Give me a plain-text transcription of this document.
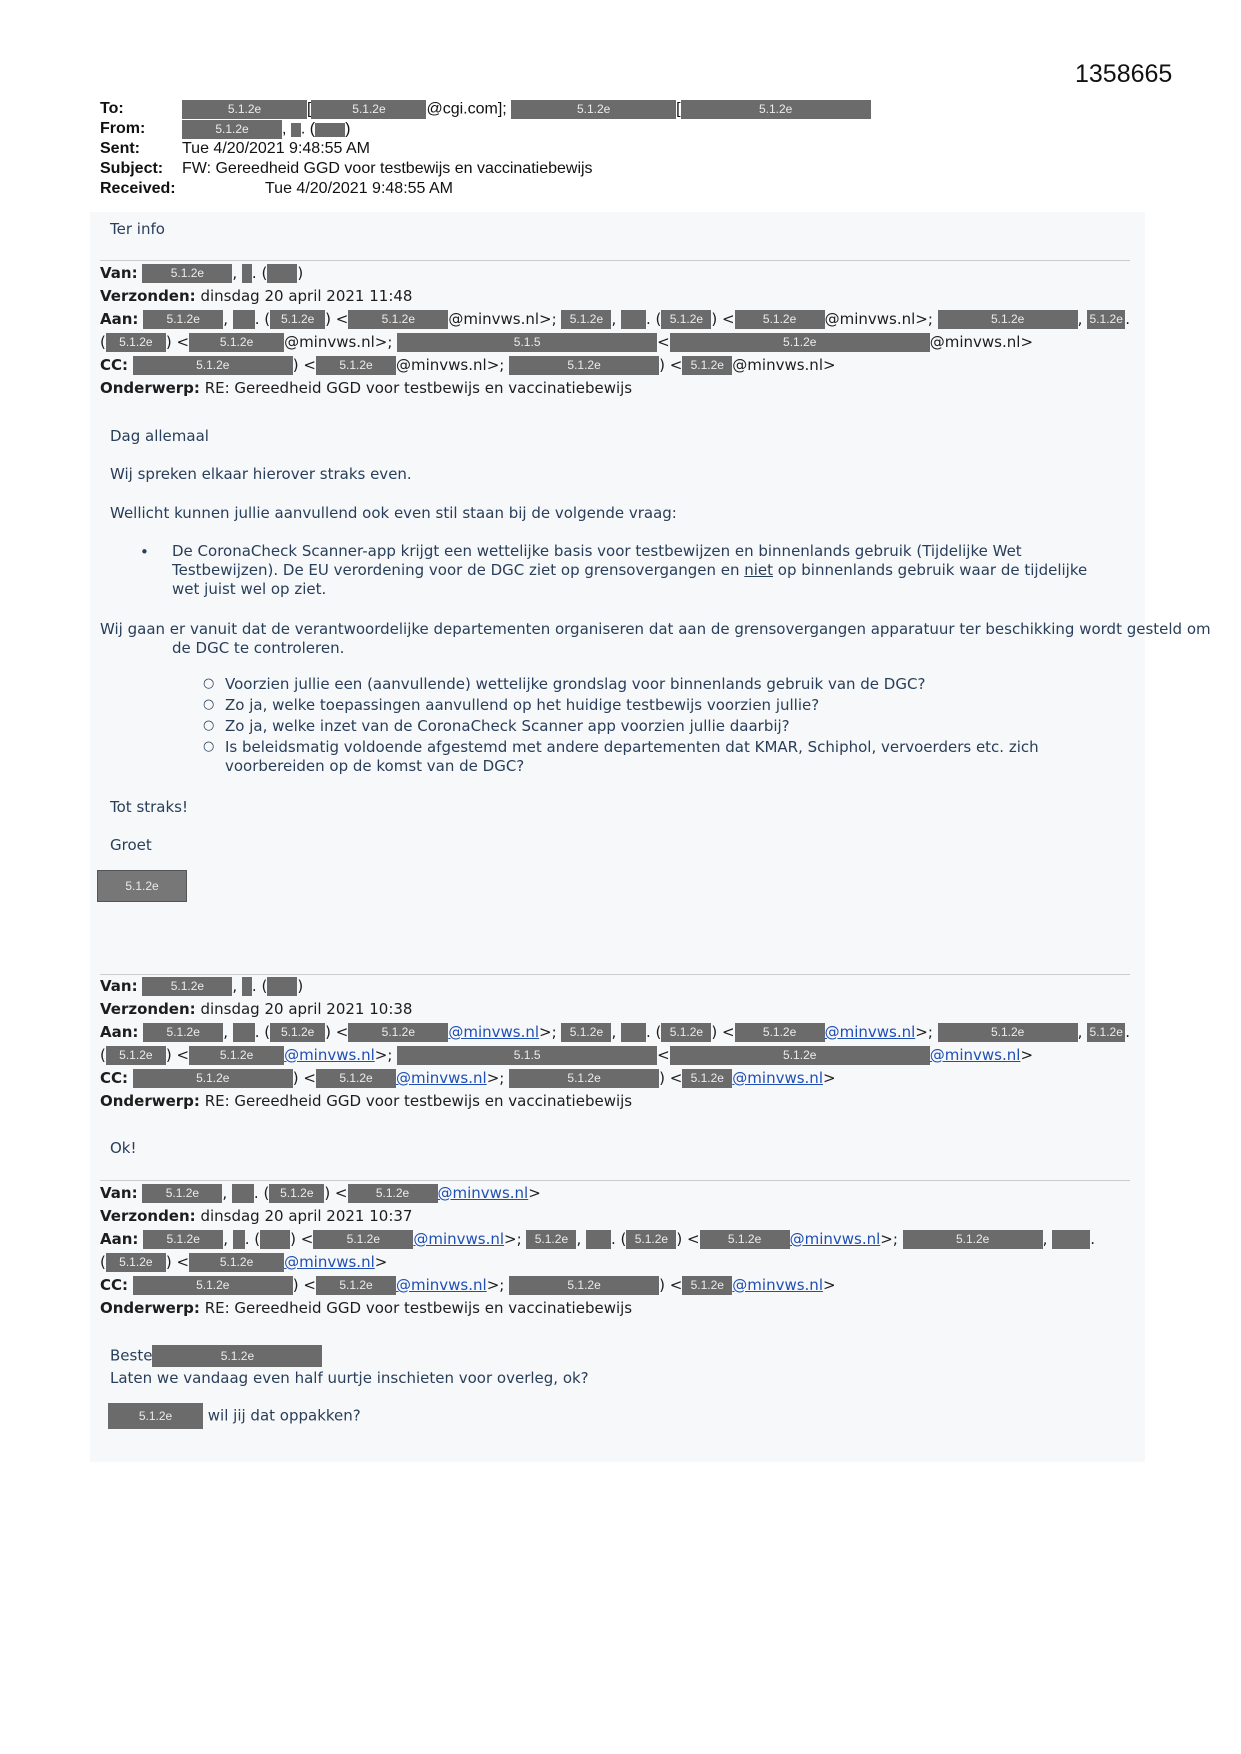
1358665
To:	5.1.2e	[	5.1.2e	@cgi.com];	5.1.2e	[	5.1.2e
From:	5.1.2e , . ( )
Sent:	Tue 4/20/2021 9:48:55 AM
Subject: FW: Gereedheid GGD voor testbewijs en vaccinatiebewijs
Received:	Tue 4/20/2021 9:48:55 AM
Ter info
Van:	5.1.2e , . ( )
Verzonden: dinsdag 20 april 2021 11:48
Aan: 5.1.2e , . ( 5.1.2e ) <	5.1.2e @minvws.nl>; 5.1.2e , . ( 5.1.2e ) < 5.1.2e @minvws.nl>;	5.1.2e	, 5.1.2e .
( 5.1.2e ) <	5.1.2e @minvws.nl>;	5.1.5	<	5.1.2e	@minvws.nl>
CC:	5.1.2e	) < 5.1.2e @minvws.nl>;	5.1.2e	) < 5.1.2e @minvws.nl>
Onderwerp: RE: Gereedheid GGD voor testbewijs en vaccinatiebewijs
Dag allemaal
Wij spreken elkaar hierover straks even.
Wellicht kunnen jullie aanvullend ook even stil staan bij de volgende vraag:
• De CoronaCheck Scanner-app krijgt een wettelijke basis voor testbewijzen en binnenlands gebruik (Tijdelijke Wet Testbewijzen). De EU verordening voor de DGC ziet op grensovergangen en niet op binnenlands gebruik waar de tijdelijke wet juist wel op ziet.
Wij gaan er vanuit dat de verantwoordelijke departementen organiseren dat aan de grensovergangen apparatuur ter beschikking wordt gesteld om de DGC te controleren.
○ Voorzien jullie een (aanvullende) wettelijke grondslag voor binnenlands gebruik van de DGC?
○ Zo ja, welke toepassingen aanvullend op het huidige testbewijs voorzien jullie?
○ Zo ja, welke inzet van de CoronaCheck Scanner app voorzien jullie daarbij?
○ Is beleidsmatig voldoende afgestemd met andere departementen dat KMAR, Schiphol, vervoerders etc. zich voorbereiden op de komst van de DGC?
Tot straks!
Groet
5.1.2e
Van:	5.1.2e , . ( )
Verzonden: dinsdag 20 april 2021 10:38
Aan: 5.1.2e , . ( 5.1.2e ) <	5.1.2e @minvws.nl>; 5.1.2e , . ( 5.1.2e ) < 5.1.2e @minvws.nl>;	5.1.2e	, 5.1.2e .
( 5.1.2e ) <	5.1.2e @minvws.nl>;	5.1.5	<	5.1.2e	@minvws.nl>
CC:	5.1.2e	) < 5.1.2e @minvws.nl>;	5.1.2e	) < 5.1.2e @minvws.nl>
Onderwerp: RE: Gereedheid GGD voor testbewijs en vaccinatiebewijs
Ok!
Van: 5.1.2e , . ( 5.1.2e ) < 5.1.2e @minvws.nl>
Verzonden: dinsdag 20 april 2021 10:37
Aan: 5.1.2e , . ( ) <	5.1.2e @minvws.nl>; 5.1.2e , . ( 5.1.2e ) < 5.1.2e @minvws.nl>;	5.1.2e	,	.
( 5.1.2e ) <	5.1.2e @minvws.nl>
CC:	5.1.2e	) < 5.1.2e @minvws.nl>;	5.1.2e	) < 5.1.2e @minvws.nl>
Onderwerp: RE: Gereedheid GGD voor testbewijs en vaccinatiebewijs
Beste	5.1.2e
Laten we vandaag even half uurtje inschieten voor overleg, ok?
5.1.2e wil jij dat oppakken?
